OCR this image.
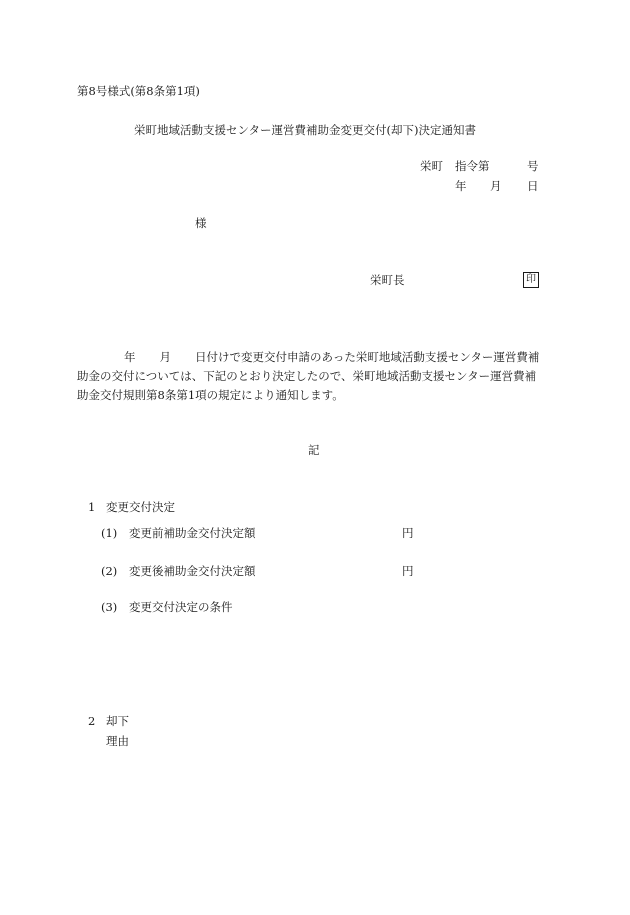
第8号様式(第8条第1項)
栄町地域活動支援センター運営費補助金変更交付(却下)決定通知書
栄町 指令第	号
年 月 日
様
栄町長	印
年 月 日付けで変更交付申請のあった栄町地域活動支援センター運営費補
助金の交付については、下記のとおり決定したので、栄町地域活動支援センター運営費補
助金交付規則第8条第1項の規定により通知します。
記
1 変更交付決定
(1) 変更前補助金交付決定額	円
(2) 変更後補助金交付決定額	円
(3) 変更交付決定の条件
2 却下
理由
